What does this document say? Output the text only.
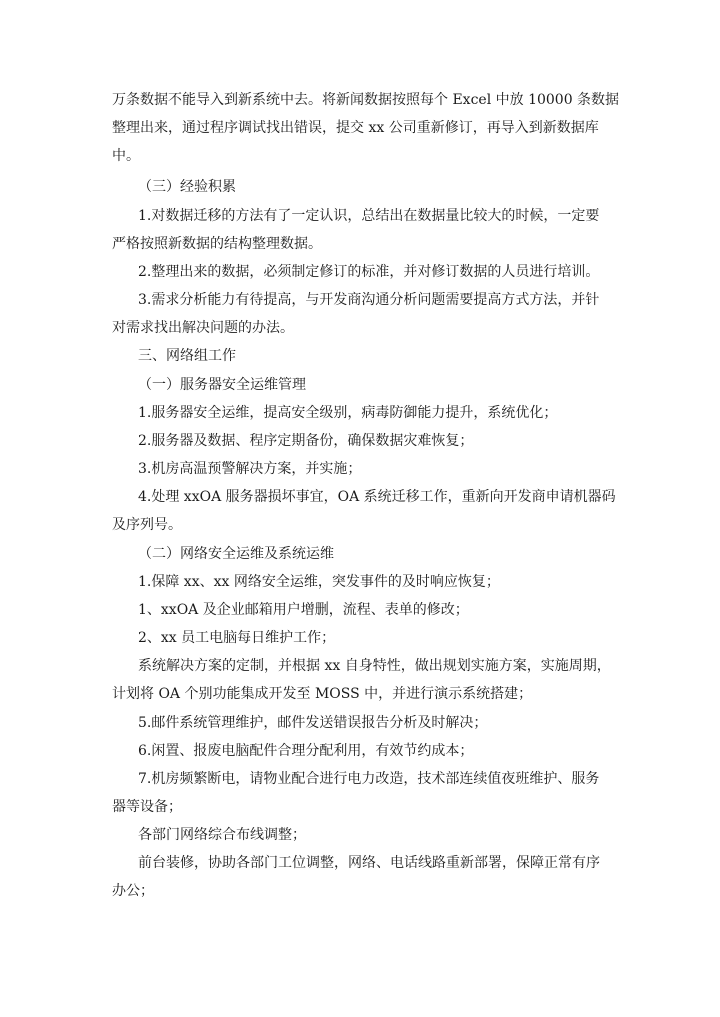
万条数据不能导入到新系统中去。将新闻数据按照每个 Excel 中放 10000 条数据
整理出来，通过程序调试找出错误，提交 xx 公司重新修订，再导入到新数据库
中。
（三）经验积累
1.对数据迁移的方法有了一定认识，总结出在数据量比较大的时候，一定要
严格按照新数据的结构整理数据。
2.整理出来的数据，必须制定修订的标准，并对修订数据的人员进行培训。
3.需求分析能力有待提高，与开发商沟通分析问题需要提高方式方法，并针
对需求找出解决问题的办法。
三、网络组工作
（一）服务器安全运维管理
1.服务器安全运维，提高安全级别，病毒防御能力提升，系统优化；
2.服务器及数据、程序定期备份，确保数据灾难恢复；
3.机房高温预警解决方案，并实施；
4.处理 xxOA 服务器损坏事宜，OA 系统迁移工作，重新向开发商申请机器码
及序列号。
（二）网络安全运维及系统运维
1.保障 xx、xx 网络安全运维，突发事件的及时响应恢复；
1、xxOA 及企业邮箱用户增删，流程、表单的修改；
2、xx 员工电脑每日维护工作；
系统解决方案的定制，并根据 xx 自身特性，做出规划实施方案，实施周期，
计划将 OA 个别功能集成开发至 MOSS 中，并进行演示系统搭建；
5.邮件系统管理维护，邮件发送错误报告分析及时解决；
6.闲置、报废电脑配件合理分配利用，有效节约成本；
7.机房频繁断电，请物业配合进行电力改造，技术部连续值夜班维护、服务
器等设备；
各部门网络综合布线调整；
前台装修，协助各部门工位调整，网络、电话线路重新部署，保障正常有序
办公；
